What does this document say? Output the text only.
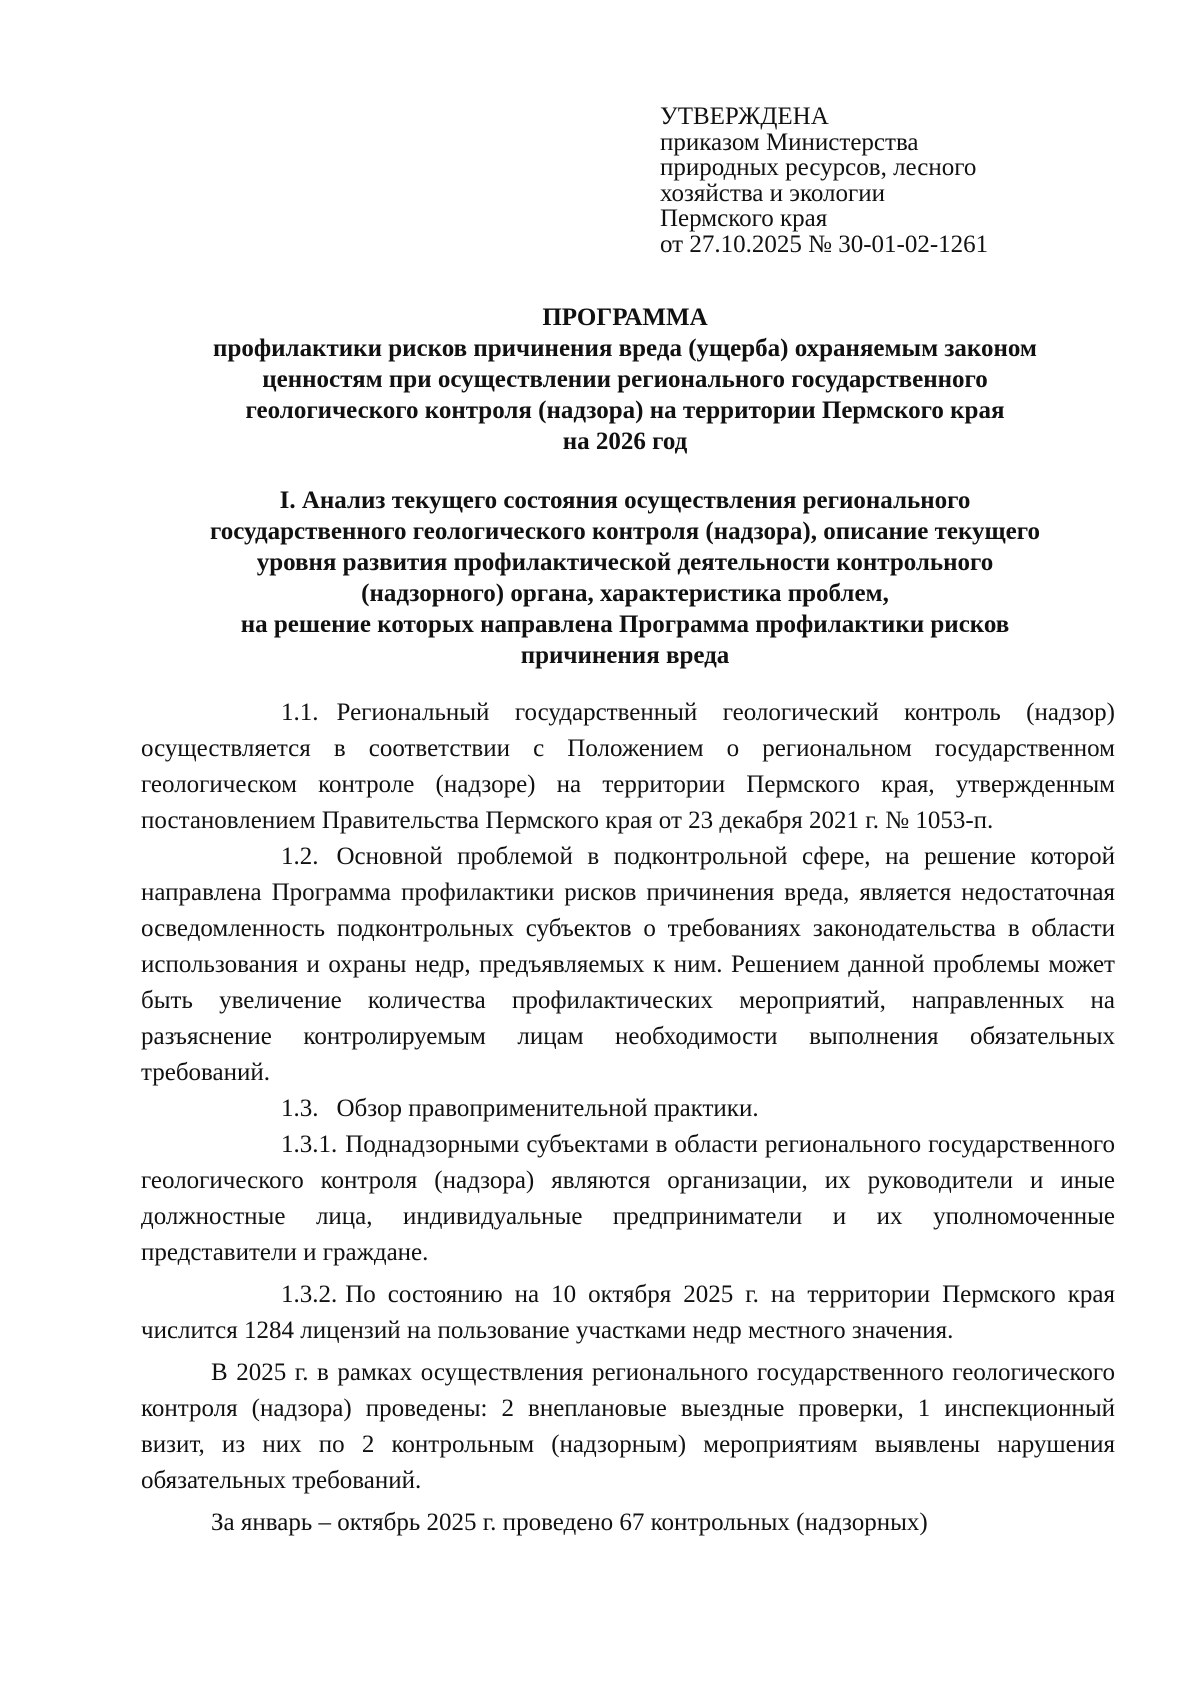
УТВЕРЖДЕНА
приказом Министерства
природных ресурсов, лесного
хозяйства и экологии
Пермского края
от 27.10.2025 № 30-01-02-1261
ПРОГРАММА
профилактики рисков причинения вреда (ущерба) охраняемым законом
ценностям при осуществлении регионального государственного
геологического контроля (надзора) на территории Пермского края
на 2026 год
I. Анализ текущего состояния осуществления регионального
государственного геологического контроля (надзора), описание текущего
уровня развития профилактической деятельности контрольного
(надзорного) органа, характеристика проблем,
на решение которых направлена Программа профилактики рисков
причинения вреда

1.1. Региональный государственный геологический контроль (надзор) осуществляется в соответствии с Положением о региональном государственном геологическом контроле (надзоре) на территории Пермского края, утвержденным постановлением Правительства Пермского края от 23 декабря 2021 г. № 1053-п.

1.2. Основной проблемой в подконтрольной сфере, на решение которой направлена Программа профилактики рисков причинения вреда, является недостаточная осведомленность подконтрольных субъектов о требованиях законодательства в области использования и охраны недр, предъявляемых к ним. Решением данной проблемы может быть увеличение количества профилактических мероприятий, направленных на разъяснение контролируемым лицам необходимости выполнения обязательных требований.

1.3. Обзор правоприменительной практики.

1.3.1. Поднадзорными субъектами в области регионального государственного геологического контроля (надзора) являются организации, их руководители и иные должностные лица, индивидуальные предприниматели и их уполномоченные представители и граждане.

1.3.2. По состоянию на 10 октября 2025 г. на территории Пермского края числится 1284 лицензий на пользование участками недр местного значения.

В 2025 г. в рамках осуществления регионального государственного геологического контроля (надзора) проведены: 2 внеплановые выездные проверки, 1 инспекционный визит, из них по 2 контрольным (надзорным) мероприятиям выявлены нарушения обязательных требований.

За январь – октябрь 2025 г. проведено 67 контрольных (надзорных)
